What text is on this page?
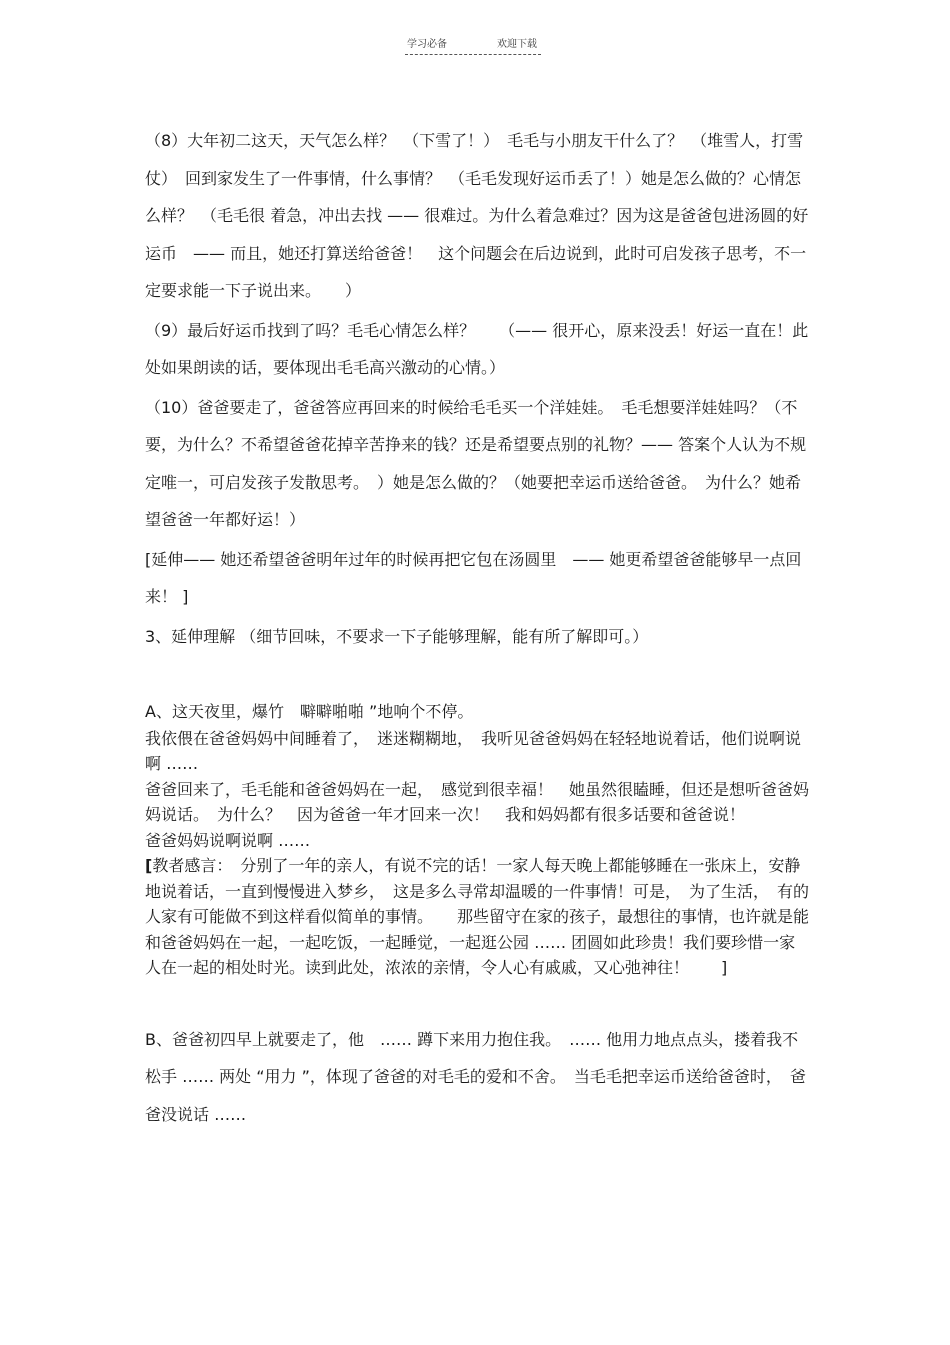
学习必备	欢迎下载

（8）大年初二这天，天气怎么样？　（下雪了！）　毛毛与小朋友干什么了？　（堆雪人，打雪仗）　回到家发生了一件事情，什么事情？　（毛毛发现好运币丢了！）她是怎么做的？心情怎么样？　（毛毛很 着急，冲出去找 —— 很难过。为什么着急难过？因为这是爸爸包进汤圆的好运币　—— 而且，她还打算送给爸爸！　这个问题会在后边说到，此时可启发孩子思考，不一定要求能一下子说出来。　　）

（9）最后好运币找到了吗？毛毛心情怎么样？　　（—— 很开心，原来没丢！好运一直在！此处如果朗读的话，要体现出毛毛高兴激动的心情。）

（10）爸爸要走了，爸爸答应再回来的时候给毛毛买一个洋娃娃。　毛毛想要洋娃娃吗？（不要，为什么？不希望爸爸花掉辛苦挣来的钱？还是希望要点别的礼物？—— 答案个人认为不规定唯一，可启发孩子发散思考。　）她是怎么做的？（她要把幸运币送给爸爸。　为什么？她希望爸爸一年都好运！）

[延伸—— 她还希望爸爸明年过年的时候再把它包在汤圆里　—— 她更希望爸爸能够早一点回来！ ]

3、延伸理解 （细节回味，不要求一下子能够理解，能有所了解即可。）

A、这天夜里，爆竹　噼噼啪啪 ”地响个不停。

我依偎在爸爸妈妈中间睡着了，　迷迷糊糊地，　我听见爸爸妈妈在轻轻地说着话，他们说啊说啊 ……

爸爸回来了，毛毛能和爸爸妈妈在一起，　感觉到很幸福！　她虽然很瞌睡，但还是想听爸爸妈妈说话。　为什么？　因为爸爸一年才回来一次！　我和妈妈都有很多话要和爸爸说！

爸爸妈妈说啊说啊 ……

[教者感言：　分别了一年的亲人，有说不完的话！一家人每天晚上都能够睡在一张床上，安静地说着话，一直到慢慢进入梦乡，　这是多么寻常却温暖的一件事情！可是，　为了生活，　有的人家有可能做不到这样看似简单的事情。　　那些留守在家的孩子，最想往的事情，也许就是能和爸爸妈妈在一起，一起吃饭，一起睡觉，一起逛公园 …… 团圆如此珍贵！我们要珍惜一家人在一起的相处时光。读到此处，浓浓的亲情，令人心有戚戚，又心弛神往！　　]

B、爸爸初四早上就要走了，他　…… 蹲下来用力抱住我。　…… 他用力地点点头，搂着我不松手 …… 两处 “用力 ”，体现了爸爸的对毛毛的爱和不舍。　当毛毛把幸运币送给爸爸时，　爸爸没说话 ……
